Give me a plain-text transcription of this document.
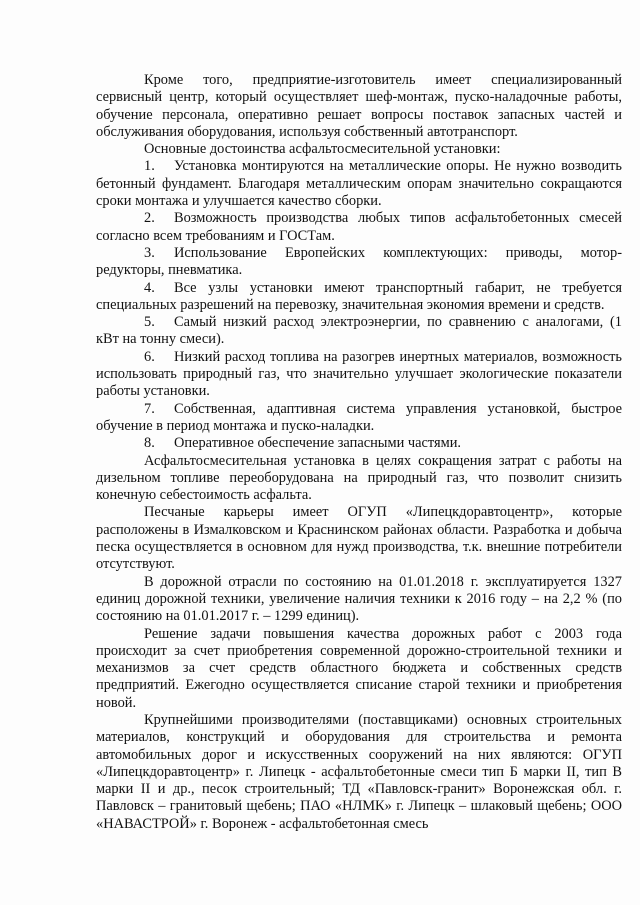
Кроме того, предприятие-изготовитель имеет специализированный сервисный центр, который осуществляет шеф-монтаж, пуско-наладочные работы, обучение персонала, оперативно решает вопросы поставок запасных частей и обслуживания оборудования, используя собственный автотранспорт.

Основные достоинства асфальтосмесительной установки:

1. Установка монтируются на металлические опоры. Не нужно возводить бетонный фундамент. Благодаря металлическим опорам значительно сокращаются сроки монтажа и улучшается качество сборки.

2. Возможность производства любых типов асфальтобетонных смесей согласно всем требованиям и ГОСТам.

3. Использование Европейских комплектующих: приводы, мотор-редукторы, пневматика.

4. Все узлы установки имеют транспортный габарит, не требуется специальных разрешений на перевозку, значительная экономия времени и средств.

5. Самый низкий расход электроэнергии, по сравнению с аналогами, (1 кВт на тонну смеси).

6. Низкий расход топлива на разогрев инертных материалов, возможность использовать природный газ, что значительно улучшает экологические показатели работы установки.

7. Собственная, адаптивная система управления установкой, быстрое обучение в период монтажа и пуско-наладки.

8. Оперативное обеспечение запасными частями.

Асфальтосмесительная установка в целях сокращения затрат с работы на дизельном топливе переоборудована на природный газ, что позволит снизить конечную себестоимость асфальта.

Песчаные карьеры имеет ОГУП «Липецкдоравтоцентр», которые расположены в Измалковском и Краснинском районах области. Разработка и добыча песка осуществляется в основном для нужд производства, т.к. внешние потребители отсутствуют.

В дорожной отрасли по состоянию на 01.01.2018 г. эксплуатируется 1327 единиц дорожной техники, увеличение наличия техники к 2016 году – на 2,2 % (по состоянию на 01.01.2017 г. – 1299 единиц).

Решение задачи повышения качества дорожных работ с 2003 года происходит за счет приобретения современной дорожно-строительной техники и механизмов за счет средств областного бюджета и собственных средств предприятий. Ежегодно осуществляется списание старой техники и приобретения новой.

Крупнейшими производителями (поставщиками) основных строительных материалов, конструкций и оборудования для строительства и ремонта автомобильных дорог и искусственных сооружений на них являются: ОГУП «Липецкдоравтоцентр» г. Липецк - асфальтобетонные смеси тип Б марки II, тип В марки II и др., песок строительный; ТД «Павловск-гранит» Воронежская обл. г. Павловск – гранитовый щебень; ПАО «НЛМК» г. Липецк – шлаковый щебень; ООО «НАВАСТРОЙ» г. Воронеж - асфальтобетонная смесь
